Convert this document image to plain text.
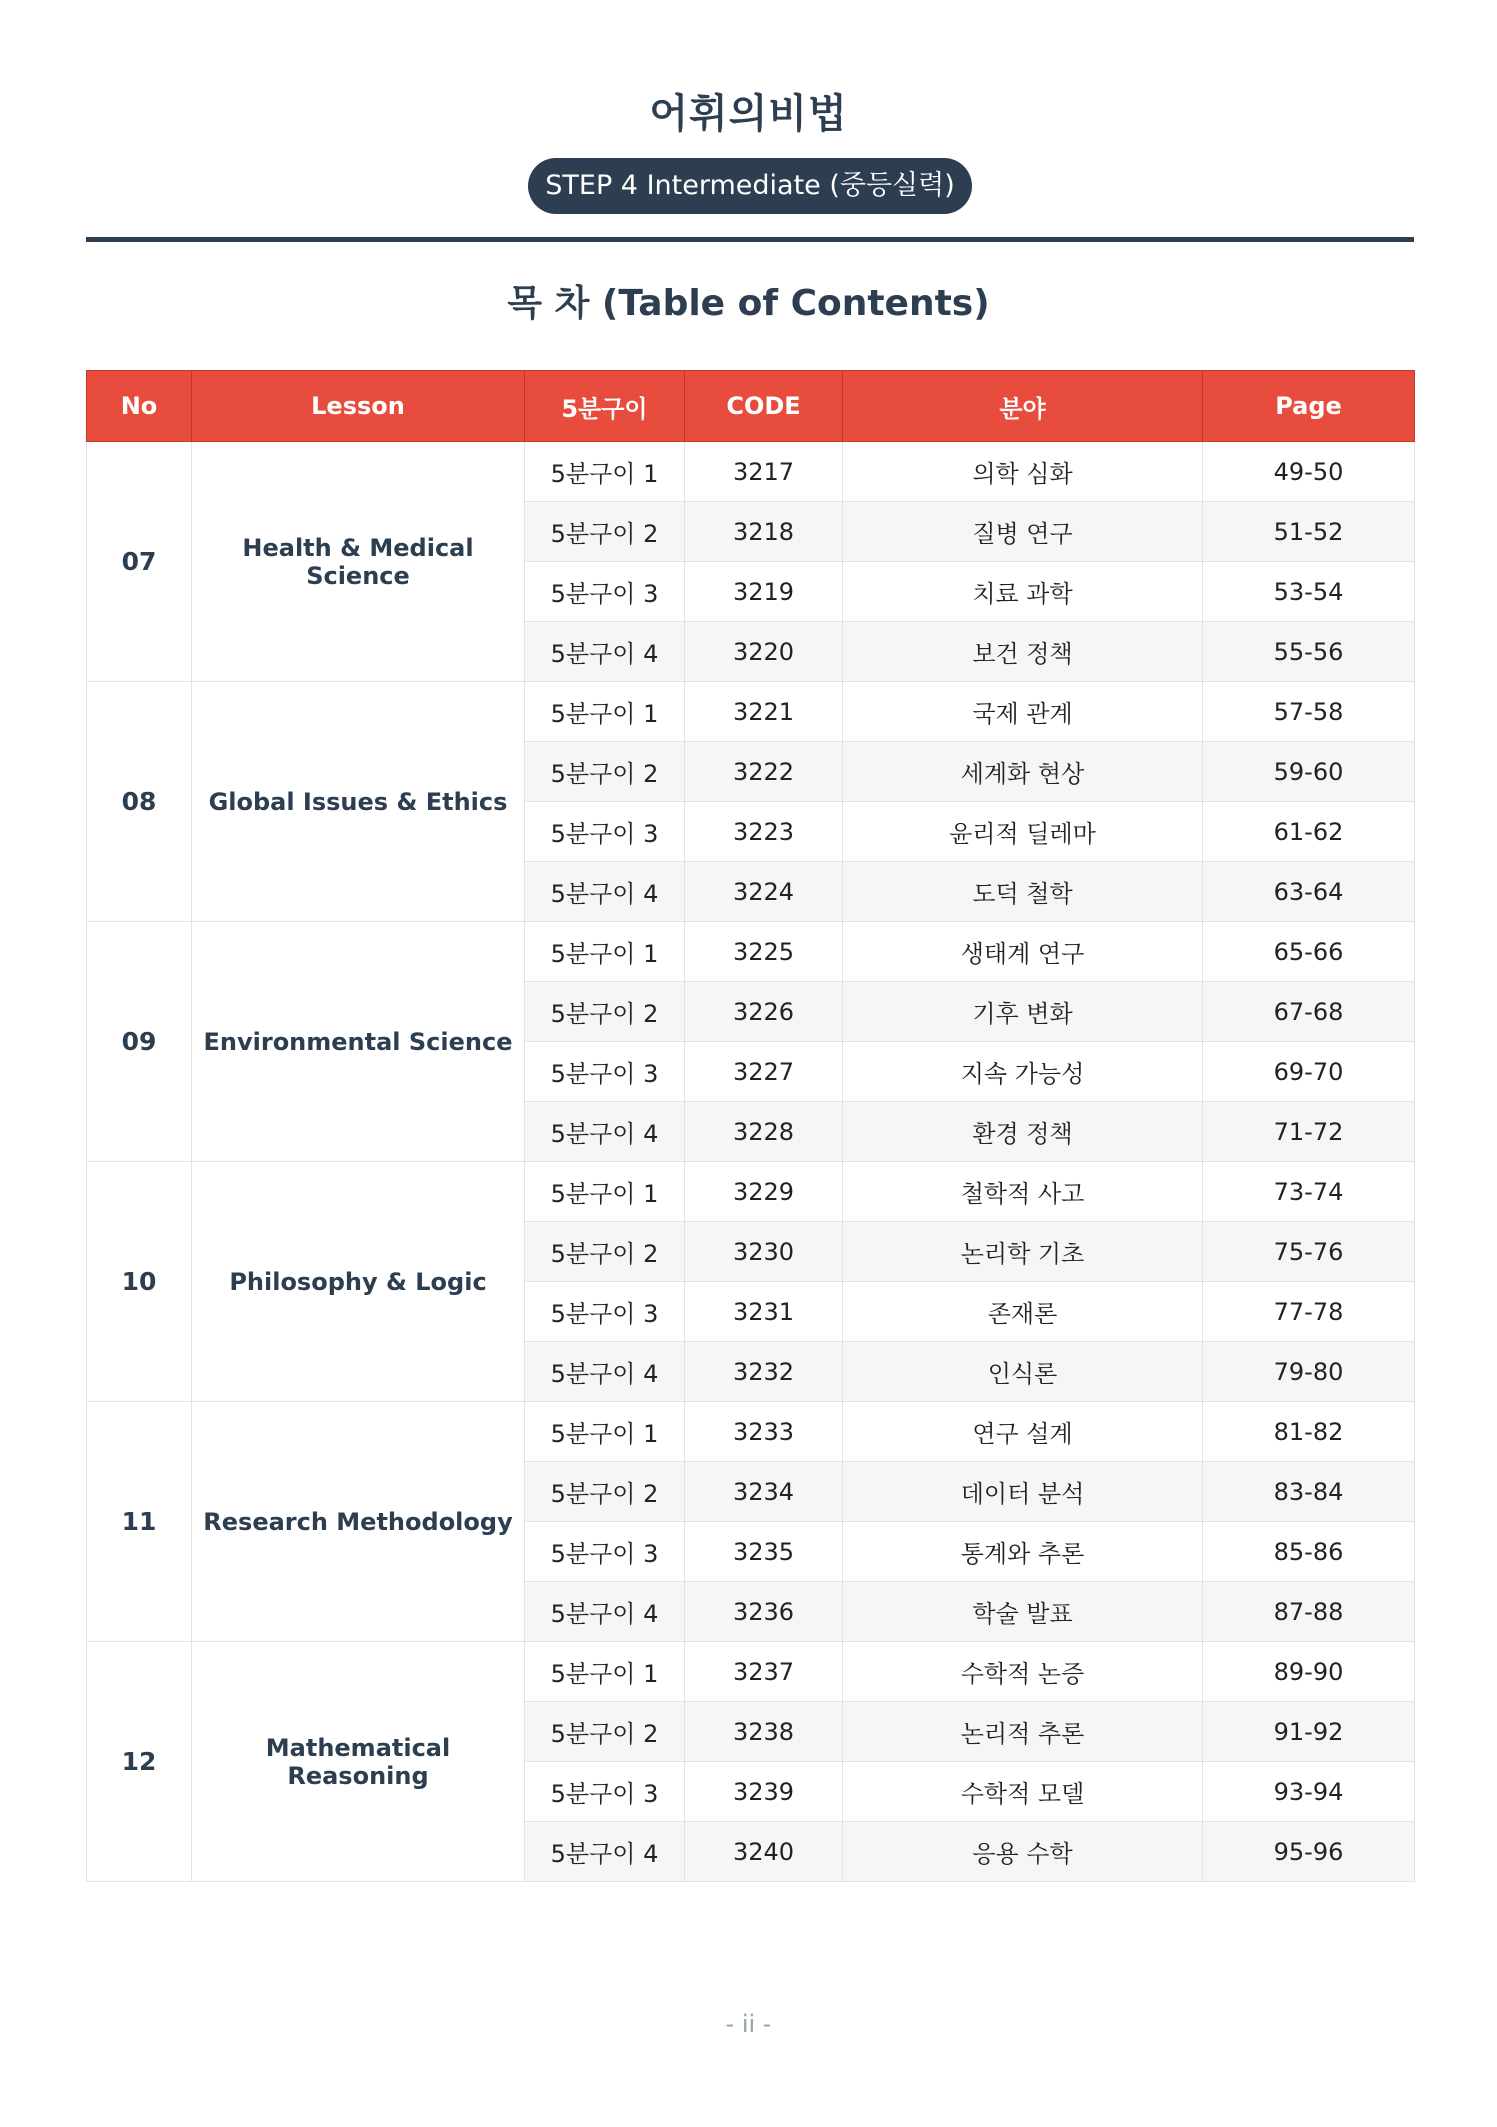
어휘의비법
STEP 4 Intermediate (중등실력)
목 차 (Table of Contents)
No	Lesson	5분구이	CODE	분야	Page
07	Health & Medical Science	5분구이 1	3217	의학 심화	49-50
		5분구이 2	3218	질병 연구	51-52
		5분구이 3	3219	치료 과학	53-54
		5분구이 4	3220	보건 정책	55-56
08	Global Issues & Ethics	5분구이 1	3221	국제 관계	57-58
		5분구이 2	3222	세계화 현상	59-60
		5분구이 3	3223	윤리적 딜레마	61-62
		5분구이 4	3224	도덕 철학	63-64
09	Environmental Science	5분구이 1	3225	생태계 연구	65-66
		5분구이 2	3226	기후 변화	67-68
		5분구이 3	3227	지속 가능성	69-70
		5분구이 4	3228	환경 정책	71-72
10	Philosophy & Logic	5분구이 1	3229	철학적 사고	73-74
		5분구이 2	3230	논리학 기초	75-76
		5분구이 3	3231	존재론	77-78
		5분구이 4	3232	인식론	79-80
11	Research Methodology	5분구이 1	3233	연구 설계	81-82
		5분구이 2	3234	데이터 분석	83-84
		5분구이 3	3235	통계와 추론	85-86
		5분구이 4	3236	학술 발표	87-88
12	Mathematical Reasoning	5분구이 1	3237	수학적 논증	89-90
		5분구이 2	3238	논리적 추론	91-92
		5분구이 3	3239	수학적 모델	93-94
		5분구이 4	3240	응용 수학	95-96
- ii -
